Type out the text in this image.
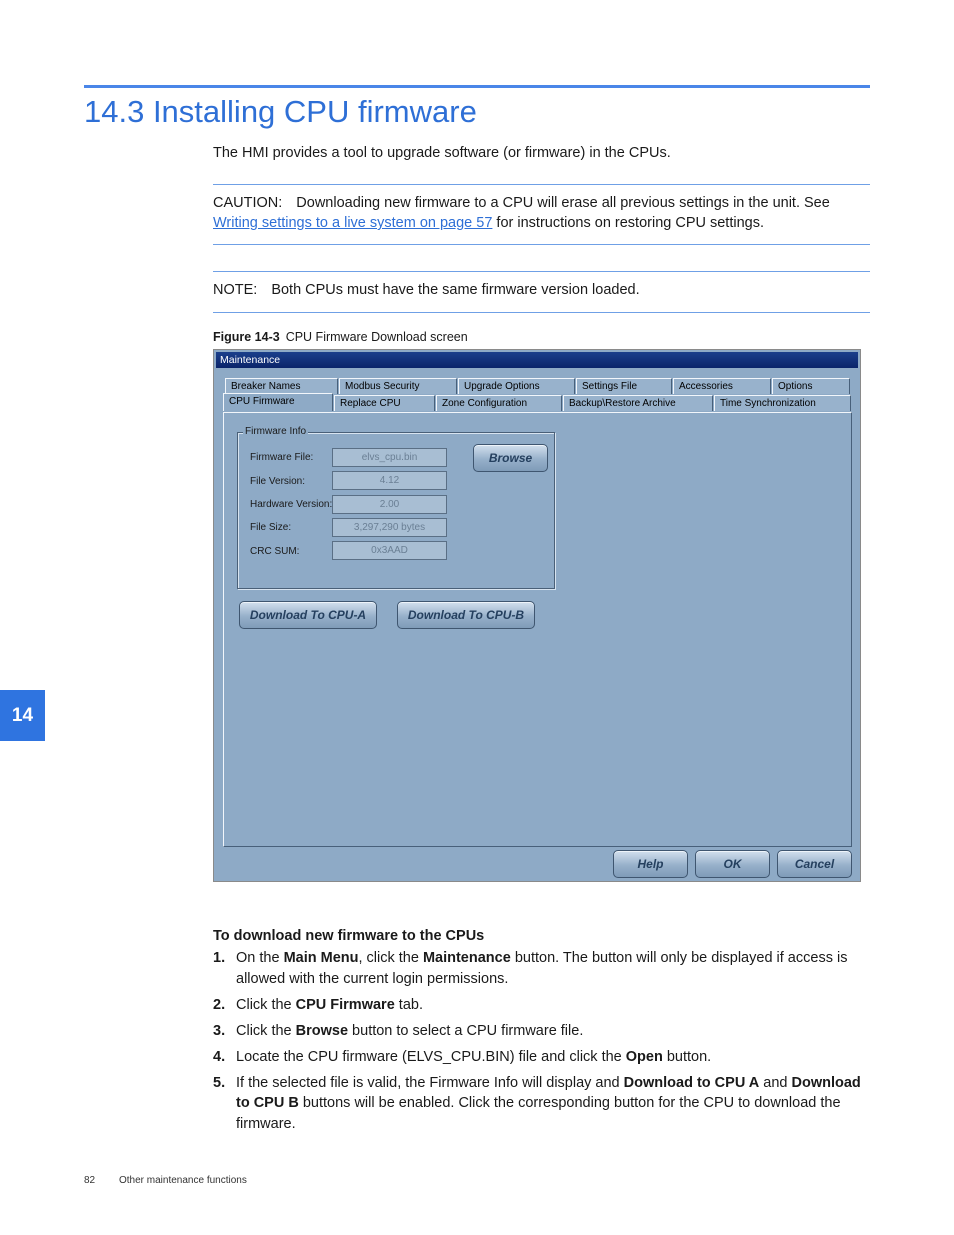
14.3 Installing CPU firmware
The HMI provides a tool to upgrade software (or firmware) in the CPUs.
CAUTION: Downloading new firmware to a CPU will erase all previous settings in the unit. See Writing settings to a live system on page 57 for instructions on restoring CPU settings.
NOTE: Both CPUs must have the same firmware version loaded.
Figure 14-3 CPU Firmware Download screen
Maintenance
Breaker Names	Modbus Security	Upgrade Options	Settings File	Accessories	Options
CPU Firmware	Replace CPU	Zone Configuration	Backup\Restore Archive	Time Synchronization
Firmware Info
Firmware File:	elvs_cpu.bin
File Version:	4.12
Hardware Version:	2.00
File Size:	3,297,290 bytes
CRC SUM:	0x3AAD
Browse
Download To CPU-A	Download To CPU-B
Help	OK	Cancel
To download new firmware to the CPUs
1. On the Main Menu, click the Maintenance button. The button will only be displayed if access is allowed with the current login permissions.
2. Click the CPU Firmware tab.
3. Click the Browse button to select a CPU firmware file.
4. Locate the CPU firmware (ELVS_CPU.BIN) file and click the Open button.
5. If the selected file is valid, the Firmware Info will display and Download to CPU A and Download to CPU B buttons will be enabled. Click the corresponding button for the CPU to download the firmware.
14
82 Other maintenance functions
